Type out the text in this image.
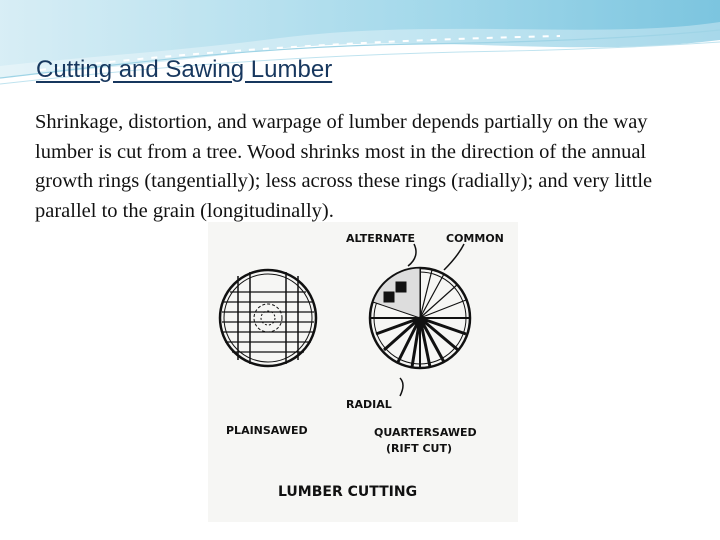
Cutting and Sawing Lumber

Shrinkage, distortion, and warpage of lumber depends partially on the way lumber is cut from a tree. Wood shrinks most in the direction of the annual growth rings (tangentially); less across these rings (radially); and very little parallel to the grain (longitudinally).

ALTERNATE	COMMON
RADIAL
PLAINSAWED	QUARTERSAWED
(RIFT CUT)
LUMBER CUTTING
